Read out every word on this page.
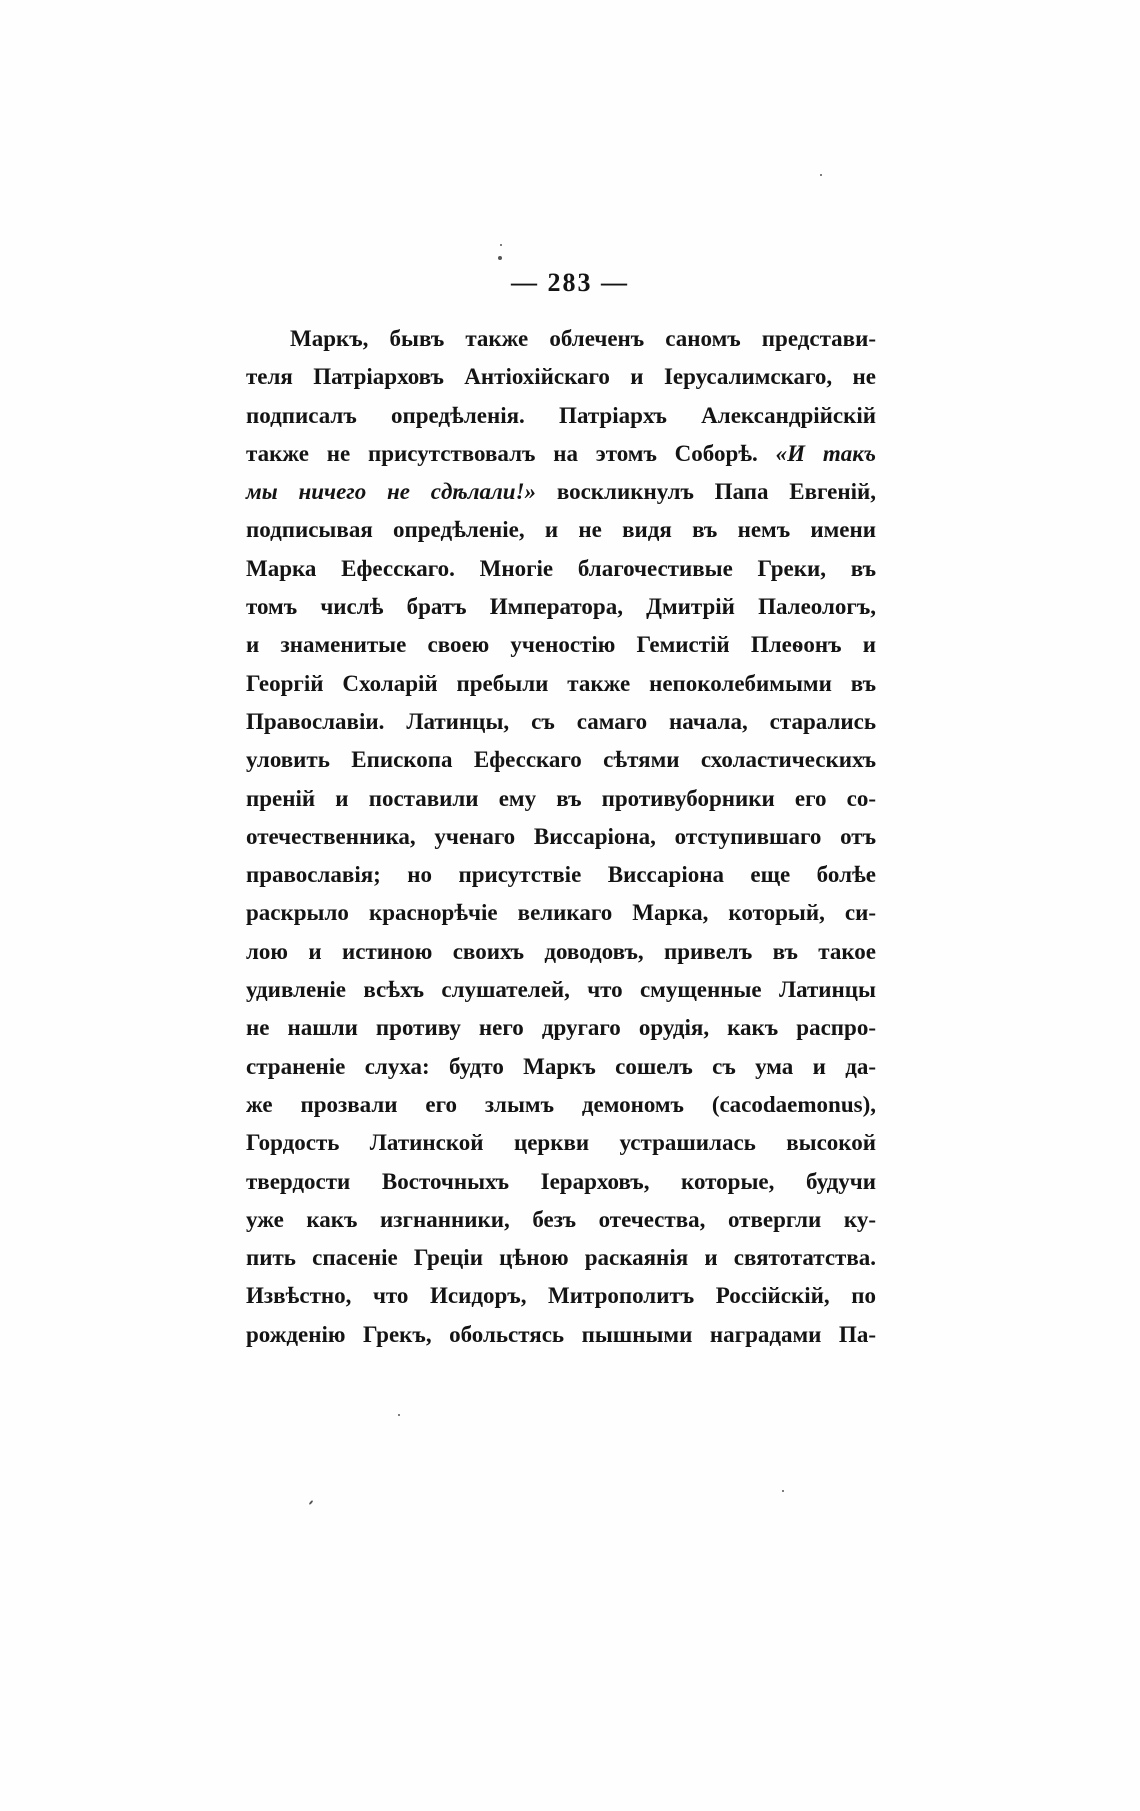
— 283 —
Маркъ, бывъ также облеченъ саномъ представи-
теля Патріарховъ Антіохійскаго и Іерусалимскаго, не
подписалъ опредѣленія. Патріархъ Александрійскій
также не присутствовалъ на этомъ Соборѣ. «И такъ
мы ничего не сдѣлали!» воскликнулъ Папа Евгеній,
подписывая опредѣленіе, и не видя въ немъ имени
Марка Ефесскаго. Многіе благочестивые Греки, въ
томъ числѣ братъ Императора, Дмитрій Палеологъ,
и знаменитые своею ученостію Гемистій Плеѳонъ и
Георгій Схоларій пребыли также непоколебимыми въ
Православіи. Латинцы, съ самаго начала, старались
уловить Епископа Ефесскаго сѣтями схоластическихъ
преній и поставили ему въ противуборники его со-
отечественника, ученаго Виссаріона, отступившаго отъ
православія; но присутствіе Виссаріона еще болѣе
раскрыло краснорѣчіе великаго Марка, который, си-
лою и истиною своихъ доводовъ, привелъ въ такое
удивленіе всѣхъ слушателей, что смущенные Латинцы
не нашли противу него другаго орудія, какъ распро-
страненіе слуха: будто Маркъ сошелъ съ ума и да-
же прозвали его злымъ демономъ (cacodaemonus),
Гордость Латинской церкви устрашилась высокой
твердости Восточныхъ Іерарховъ, которые, будучи
уже какъ изгнанники, безъ отечества, отвергли ку-
пить спасеніе Греціи цѣною раскаянія и святотатства.
Извѣстно, что Исидоръ, Митрополитъ Россійскій, по
рожденію Грекъ, обольстясь пышными наградами Па-
